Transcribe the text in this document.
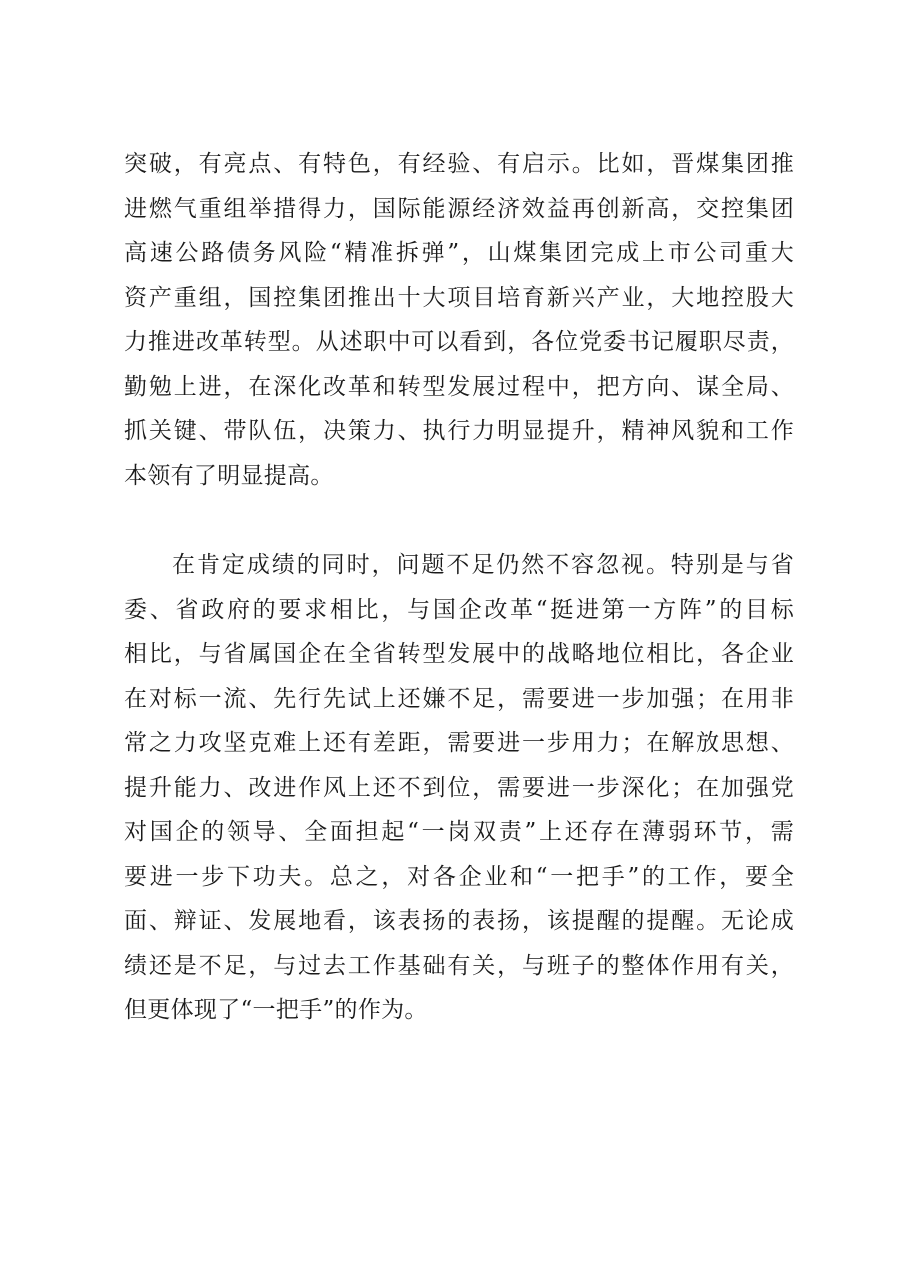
突破，有亮点、有特色，有经验、有启示。比如，晋煤集团推
进燃气重组举措得力，国际能源经济效益再创新高，交控集团
高速公路债务风险“精准拆弹”，山煤集团完成上市公司重大
资产重组，国控集团推出十大项目培育新兴产业，大地控股大
力推进改革转型。从述职中可以看到，各位党委书记履职尽责，
勤勉上进，在深化改革和转型发展过程中，把方向、谋全局、
抓关键、带队伍，决策力、执行力明显提升，精神风貌和工作
本领有了明显提高。
在肯定成绩的同时，问题不足仍然不容忽视。特别是与省
委、省政府的要求相比，与国企改革“挺进第一方阵”的目标
相比，与省属国企在全省转型发展中的战略地位相比，各企业
在对标一流、先行先试上还嫌不足，需要进一步加强；在用非
常之力攻坚克难上还有差距，需要进一步用力；在解放思想、
提升能力、改进作风上还不到位，需要进一步深化；在加强党
对国企的领导、全面担起“一岗双责”上还存在薄弱环节，需
要进一步下功夫。总之，对各企业和“一把手”的工作，要全
面、辩证、发展地看，该表扬的表扬，该提醒的提醒。无论成
绩还是不足，与过去工作基础有关，与班子的整体作用有关，
但更体现了“一把手”的作为。
